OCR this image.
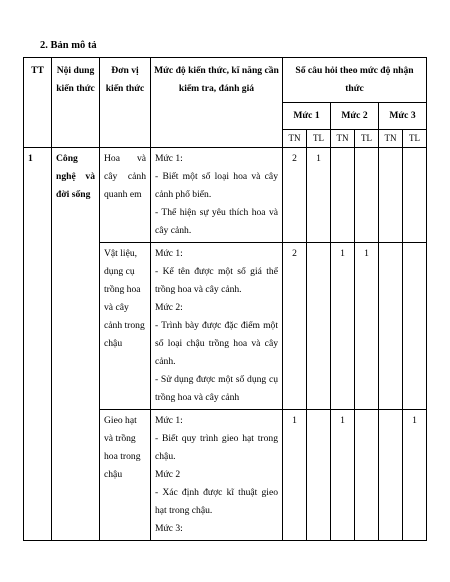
2. Bản mô tả
TT	Nội dung kiến thức	Đơn vị kiến thức	Mức độ kiến thức, kĩ năng cần kiểm tra, đánh giá	Số câu hỏi theo mức độ nhận thức					
				Mức 1		Mức 2		Mức 3	
				TN	TL	TN	TL	TN	TL
1	Công nghệ và đời sống	Hoa và cây cảnh quanh em	Mức 1:
- Biết một số loại hoa và cây cảnh phổ biến.
- Thể hiện sự yêu thích hoa và cây cảnh.	2	1				
		Vật liệu, dụng cụ trồng hoa và cây cảnh trong chậu	Mức 1:
- Kể tên được một số giá thể trồng hoa và cây cảnh.
Mức 2:
- Trình bày được đặc điểm một số loại chậu trồng hoa và cây cảnh.
- Sử dụng được một số dụng cụ trồng hoa và cây cảnh	2		1	1		
		Gieo hạt và trồng hoa trong chậu	Mức 1:
- Biết quy trình gieo hạt trong chậu.
Mức 2
- Xác định được kĩ thuật gieo hạt trong chậu.
Mức 3:	1		1			1
